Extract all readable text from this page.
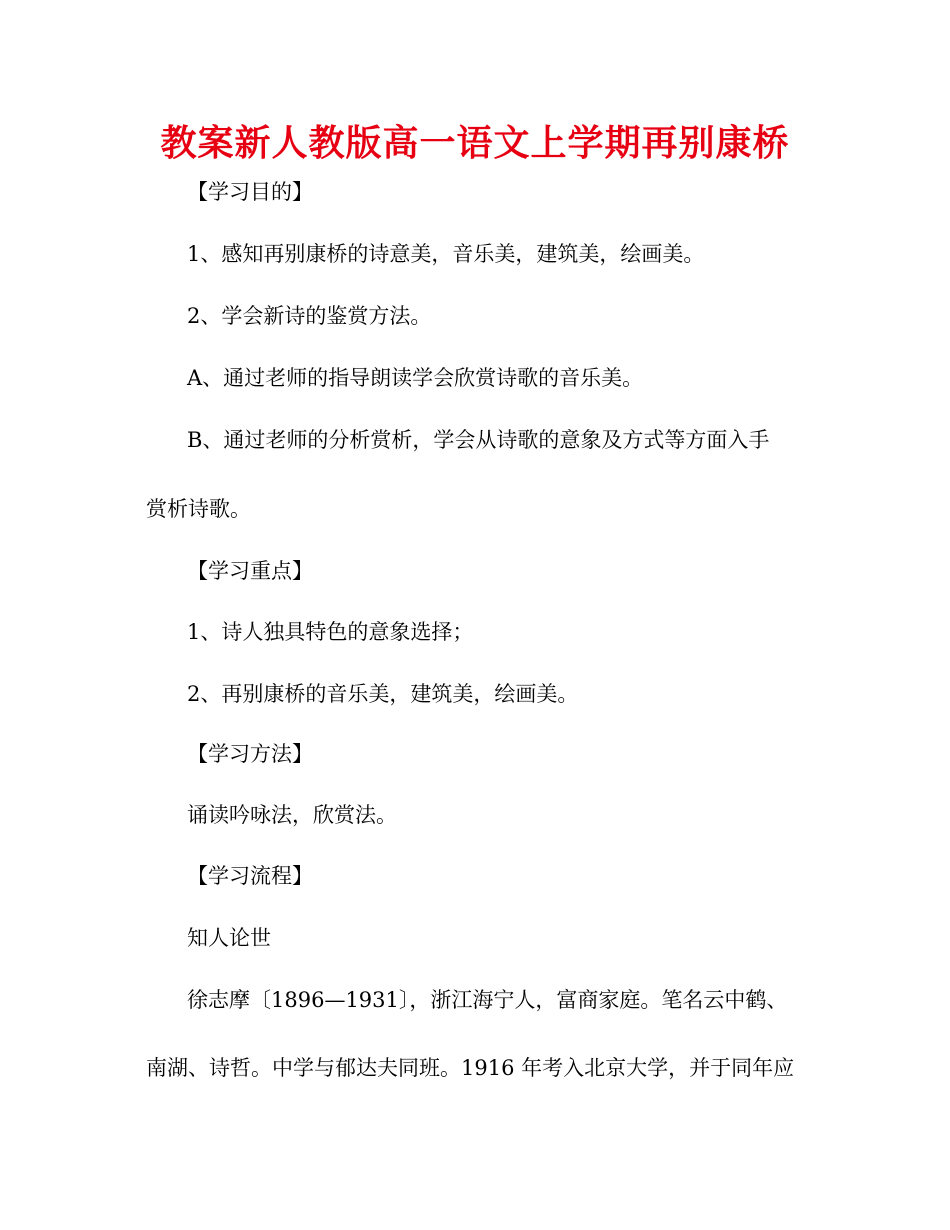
教案新人教版高一语文上学期再别康桥
【学习目的】
1、感知再别康桥的诗意美，音乐美，建筑美，绘画美。
2、学会新诗的鉴赏方法。
A、通过老师的指导朗读学会欣赏诗歌的音乐美。
B、通过老师的分析赏析，学会从诗歌的意象及方式等方面入手
赏析诗歌。
【学习重点】
1、诗人独具特色的意象选择；
2、再别康桥的音乐美，建筑美，绘画美。
【学习方法】
诵读吟咏法，欣赏法。
【学习流程】
知人论世
徐志摩〔1896—1931〕，浙江海宁人，富商家庭。笔名云中鹤、
南湖、诗哲。中学与郁达夫同班。1916 年考入北京大学，并于同年应
